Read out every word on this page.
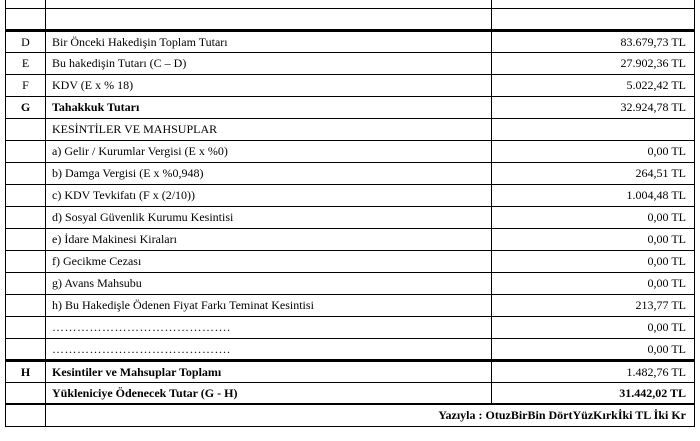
D	Bir Önceki Hakedişin Toplam Tutarı	83.679,73 TL
E	Bu hakedişin Tutarı (C – D)	27.902,36 TL
F	KDV (E x % 18)	5.022,42 TL
G	Tahakkuk Tutarı	32.924,78 TL
	KESİNTİLER VE MAHSUPLAR	
	a) Gelir / Kurumlar Vergisi (E x %0)	0,00 TL
	b) Damga Vergisi (E x %0,948)	264,51 TL
	c) KDV Tevkifatı (F x (2/10))	1.004,48 TL
	d) Sosyal Güvenlik Kurumu Kesintisi	0,00 TL
	e) İdare Makinesi Kiraları	0,00 TL
	f) Gecikme Cezası	0,00 TL
	g) Avans Mahsubu	0,00 TL
	h) Bu Hakedişle Ödenen Fiyat Farkı Teminat Kesintisi	213,77 TL
	…………………………………….	0,00 TL
	…………………………………….	0,00 TL
H	Kesintiler ve Mahsuplar Toplamı	1.482,76 TL
	Yükleniciye Ödenecek Tutar (G - H)	31.442,02 TL
	Yazıyla : OtuzBirBin DörtYüzKırkİki TL İki Kr	
